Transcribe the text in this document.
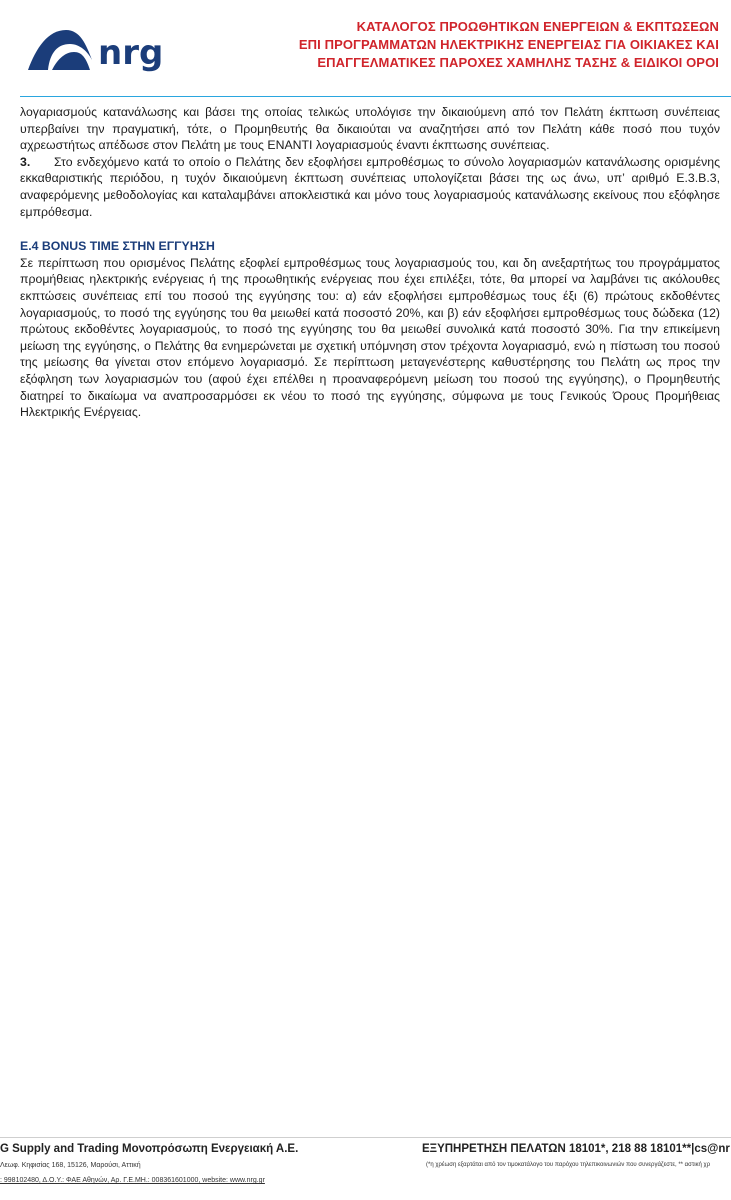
nrg
ΚΑΤΑΛΟΓΟΣ ΠΡΟΩΘΗΤΙΚΩΝ ΕΝΕΡΓΕΙΩΝ & ΕΚΠΤΩΣΕΩΝ
ΕΠΙ ΠΡΟΓΡΑΜΜΑΤΩΝ ΗΛΕΚΤΡΙΚΗΣ ΕΝΕΡΓΕΙΑΣ ΓΙΑ ΟΙΚΙΑΚΕΣ ΚΑΙ
ΕΠΑΓΓΕΛΜΑΤΙΚΕΣ ΠΑΡΟΧΕΣ ΧΑΜΗΛΗΣ ΤΑΣΗΣ & ΕΙΔΙΚΟΙ ΟΡΟΙ

λογαριασμούς κατανάλωσης και βάσει της οποίας τελικώς υπολόγισε την δικαιούμενη από τον Πελάτη έκπτωση συνέπειας υπερβαίνει την πραγματική, τότε, ο Προμηθευτής θα δικαιούται να αναζητήσει από τον Πελάτη κάθε ποσό που τυχόν αχρεωστήτως απέδωσε στον Πελάτη με τους ΕΝΑΝΤΙ λογαριασμούς έναντι έκπτωσης συνέπειας.

3. Στο ενδεχόμενο κατά το οποίο ο Πελάτης δεν εξοφλήσει εμπροθέσμως το σύνολο λογαριασμών κατανάλωσης ορισμένης εκκαθαριστικής περιόδου, η τυχόν δικαιούμενη έκπτωση συνέπειας υπολογίζεται βάσει της ως άνω, υπ’ αριθμό Ε.3.Β.3, αναφερόμενης μεθοδολογίας και καταλαμβάνει αποκλειστικά και μόνο τους λογαριασμούς κατανάλωσης εκείνους που εξόφλησε εμπρόθεσμα.

Ε.4 BONUS TIME ΣΤΗΝ ΕΓΓΥΗΣΗ

Σε περίπτωση που ορισμένος Πελάτης εξοφλεί εμπροθέσμως τους λογαριασμούς του, και δη ανεξαρτήτως του προγράμματος προμήθειας ηλεκτρικής ενέργειας ή της προωθητικής ενέργειας που έχει επιλέξει, τότε, θα μπορεί να λαμβάνει τις ακόλουθες εκπτώσεις συνέπειας επί του ποσού της εγγύησης του: α) εάν εξοφλήσει εμπροθέσμως τους έξι (6) πρώτους εκδοθέντες λογαριασμούς, το ποσό της εγγύησης του θα μειωθεί κατά ποσοστό 20%, και β) εάν εξοφλήσει εμπροθέσμως τους δώδεκα (12) πρώτους εκδοθέντες λογαριασμούς, το ποσό της εγγύησης του θα μειωθεί συνολικά κατά ποσοστό 30%. Για την επικείμενη μείωση της εγγύησης, ο Πελάτης θα ενημερώνεται με σχετική υπόμνηση στον τρέχοντα λογαριασμό, ενώ η πίστωση του ποσού της μείωσης θα γίνεται στον επόμενο λογαριασμό. Σε περίπτωση μεταγενέστερης καθυστέρησης του Πελάτη ως προς την εξόφληση των λογαριασμών του (αφού έχει επέλθει η προαναφερόμενη μείωση του ποσού της εγγύησης), ο Προμηθευτής διατηρεί το δικαίωμα να αναπροσαρμόσει εκ νέου το ποσό της εγγύησης, σύμφωνα με τους Γενικούς Όρους Προμήθειας Ηλεκτρικής Ενέργειας.

G Supply and Trading Μονοπρόσωπη Ενεργειακή Α.Ε.
Λεωφ. Κηφισίας 168, 15126, Μαρούσι, Αττική
: 998102480, Δ.Ο.Υ.: ΦΑΕ Αθηνών, Αρ. Γ.Ε.ΜΗ.: 008361601000, website: www.nrg.gr
ΕΞΥΠΗΡΕΤΗΣΗ ΠΕΛΑΤΩΝ 18101*, 218 88 18101**|cs@nr
(*η χρέωση εξαρτάται από τον τιμοκατάλογο του παρόχου τηλεπικοινωνιών που συνεργάζεστε, ** αστική χρ
